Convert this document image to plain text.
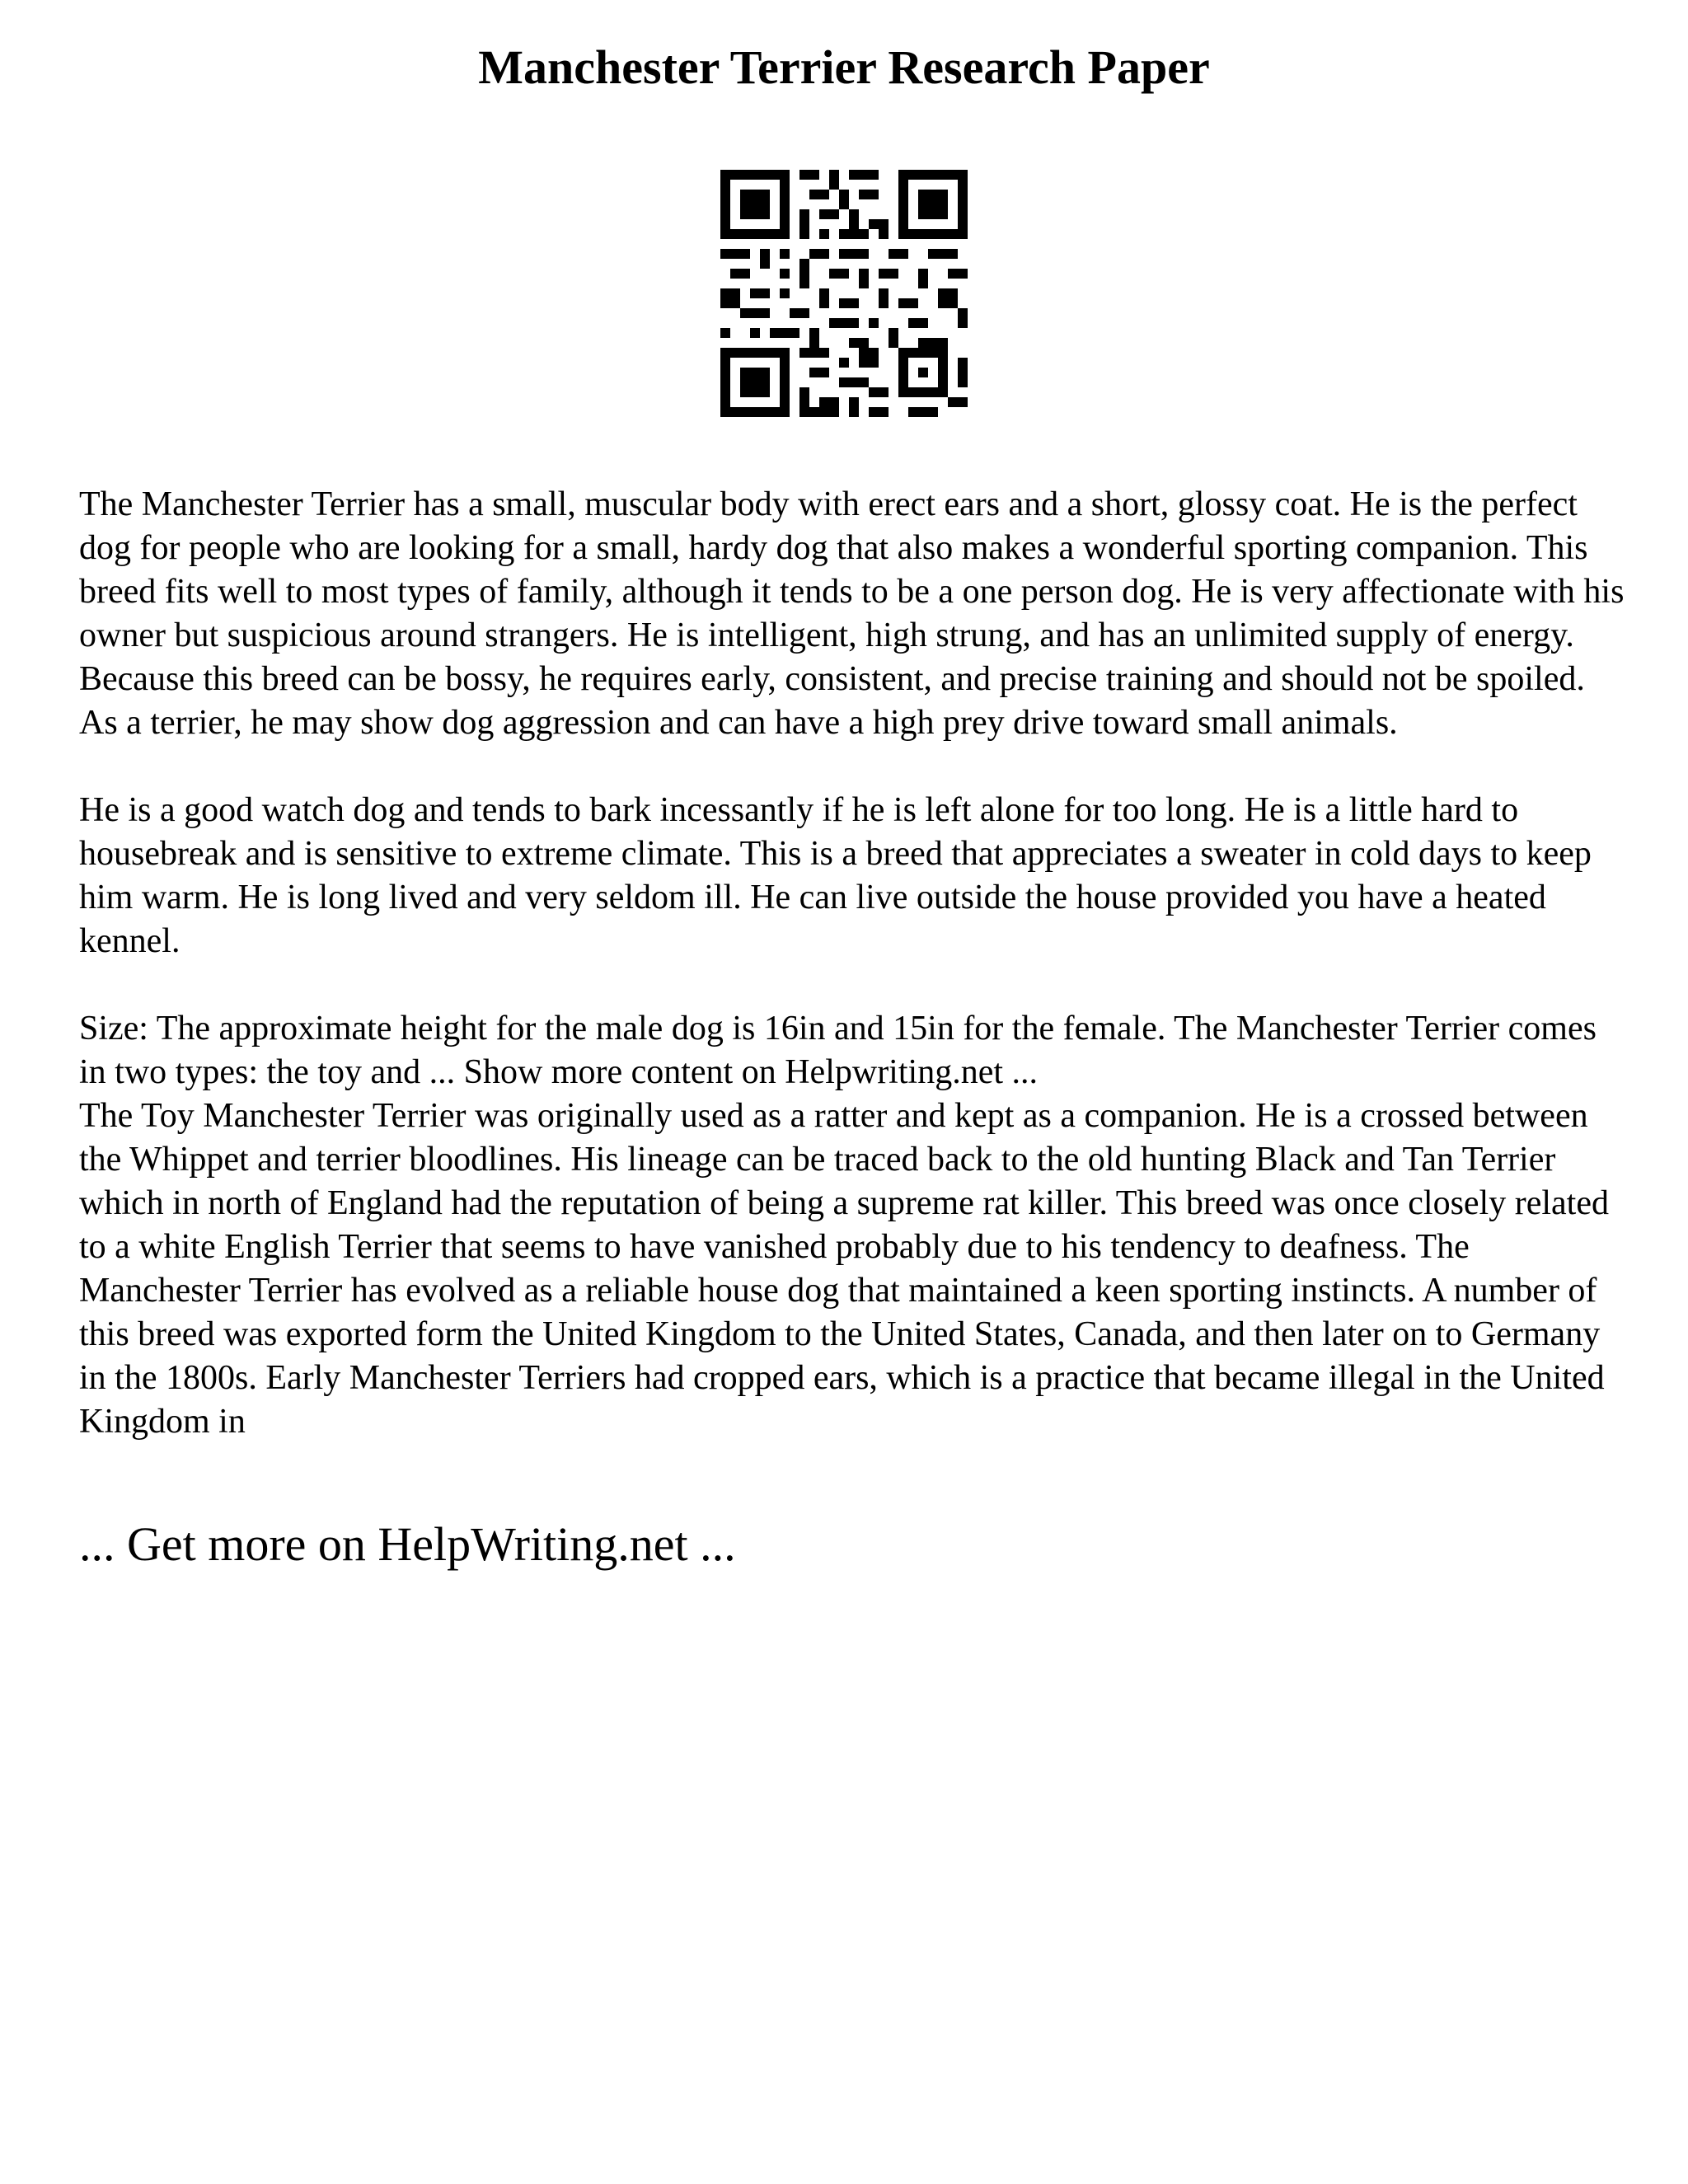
Manchester Terrier Research Paper

The Manchester Terrier has a small, muscular body with erect ears and a short, glossy coat. He is the perfect dog for people who are looking for a small, hardy dog that also makes a wonderful sporting companion. This breed fits well to most types of family, although it tends to be a one person dog. He is very affectionate with his owner but suspicious around strangers. He is intelligent, high strung, and has an unlimited supply of energy. Because this breed can be bossy, he requires early, consistent, and precise training and should not be spoiled. As a terrier, he may show dog aggression and can have a high prey drive toward small animals.

He is a good watch dog and tends to bark incessantly if he is left alone for too long. He is a little hard to housebreak and is sensitive to extreme climate. This is a breed that appreciates a sweater in cold days to keep him warm. He is long lived and very seldom ill. He can live outside the house provided you have a heated kennel.

Size: The approximate height for the male dog is 16in and 15in for the female. The Manchester Terrier comes in two types: the toy and ... Show more content on Helpwriting.net ...

The Toy Manchester Terrier was originally used as a ratter and kept as a companion. He is a crossed between the Whippet and terrier bloodlines. His lineage can be traced back to the old hunting Black and Tan Terrier which in north of England had the reputation of being a supreme rat killer. This breed was once closely related to a white English Terrier that seems to have vanished probably due to his tendency to deafness. The Manchester Terrier has evolved as a reliable house dog that maintained a keen sporting instincts. A number of this breed was exported form the United Kingdom to the United States, Canada, and then later on to Germany in the 1800s. Early Manchester Terriers had cropped ears, which is a practice that became illegal in the United Kingdom in

... Get more on HelpWriting.net ...
